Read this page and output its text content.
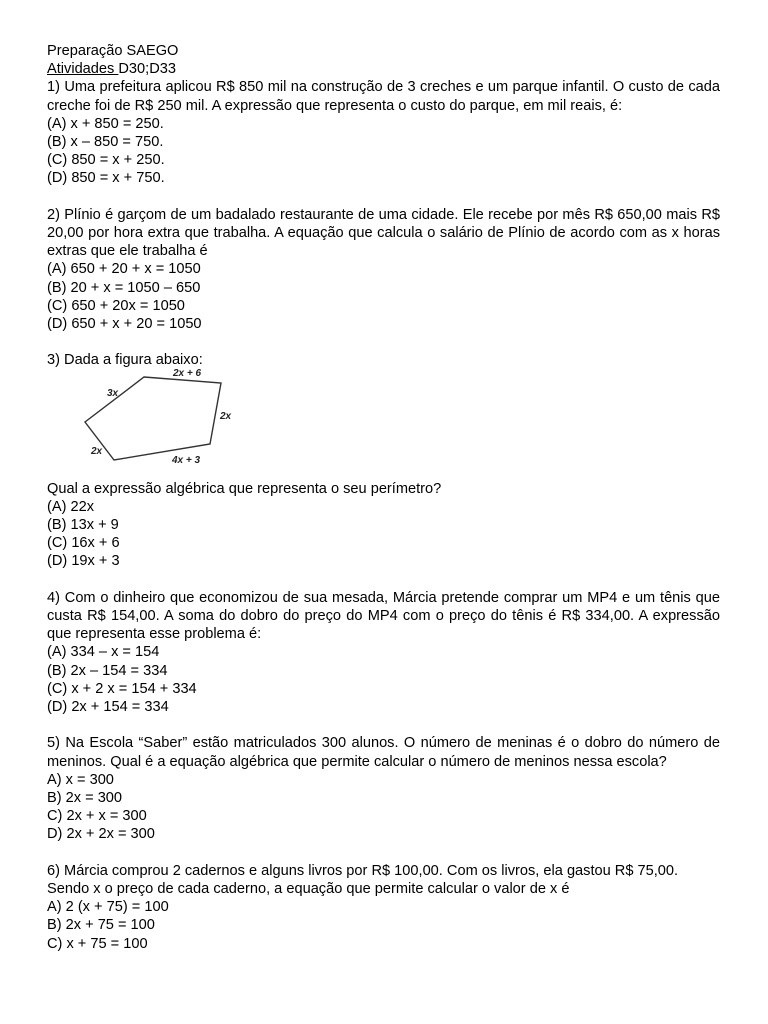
Preparação SAEGO
Atividades D30;D33
1) Uma prefeitura aplicou R$ 850 mil na construção de 3 creches e um parque infantil. O custo de cada creche foi de R$ 250 mil. A expressão que representa o custo do parque, em mil reais, é:
(A) x + 850 = 250.
(B) x – 850 = 750.
(C) 850 = x + 250.
(D) 850 = x + 750.
2) Plínio é garçom de um badalado restaurante de uma cidade. Ele recebe por mês R$ 650,00 mais R$ 20,00 por hora extra que trabalha. A equação que calcula o salário de Plínio de acordo com as x horas extras que ele trabalha é
(A) 650 + 20 + x = 1050
(B) 20 + x = 1050 – 650
(C) 650 + 20x = 1050
(D) 650 + x + 20 = 1050
3) Dada a figura abaixo:
2x + 6
3x
2x
2x
4x + 3
Qual a expressão algébrica que representa o seu perímetro?
(A) 22x
(B) 13x + 9
(C) 16x + 6
(D) 19x + 3
4) Com o dinheiro que economizou de sua mesada, Márcia pretende comprar um MP4 e um tênis que custa R$ 154,00. A soma do dobro do preço do MP4 com o preço do tênis é R$ 334,00. A expressão que representa esse problema é:
(A) 334 – x = 154
(B) 2x – 154 = 334
(C) x + 2 x = 154 + 334
(D) 2x + 154 = 334
5) Na Escola “Saber” estão matriculados 300 alunos. O número de meninas é o dobro do número de meninos. Qual é a equação algébrica que permite calcular o número de meninos nessa escola?
A) x = 300
B) 2x = 300
C) 2x + x = 300
D) 2x + 2x = 300
6) Márcia comprou 2 cadernos e alguns livros por R$ 100,00. Com os livros, ela gastou R$ 75,00.
Sendo x o preço de cada caderno, a equação que permite calcular o valor de x é
A) 2 (x + 75) = 100
B) 2x + 75 = 100
C) x + 75 = 100
